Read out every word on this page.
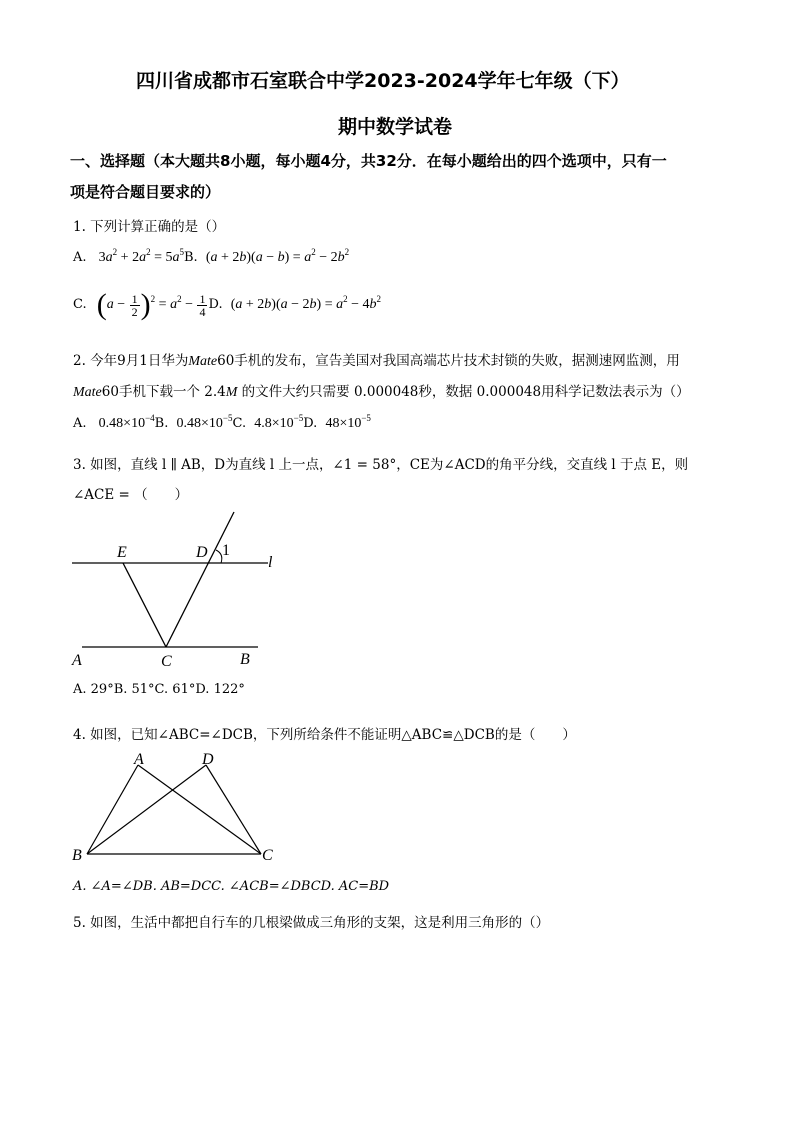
四川省成都市石室联合中学2023-2024学年七年级（下）
期中数学试卷
一、选择题（本大题共8小题，每小题4分，共32分．在每小题给出的四个选项中，只有一
项是符合题目要求的）
1. 下列计算正确的是（）
A. $3a^2 + 2a^2 = 5a^5B$. $(a + 2b)(a - b) = a^2 - 2b^2$
C. $(a - \frac{1}{2} )^2 = a^2 - \frac{1}{4} D$. $(a + 2b)(a - 2b) = a^2 - 4b^2$
2. 今年9月1日华为Mate60手机的发布，宣告美国对我国高端芯片技术封锁的失败，据测速网监测，用
Mate60手机下载一个 2.4M 的文件大约只需要 0.000048秒，数据 0.000048用科学记数法表示为（）
A. $0.48\times 10^{-4}B$. $0.48\times 10^{-5}C$. $4.8\times 10^{-5}D$. $48\times 10^{-5}$
3. 如图，直线 l ∥ AB，D为直线 l 上一点，∠1 = 58°，CE为∠ACD的角平分线，交直线 l 于点 E，则
∠ACE = （　　）
E	D 1
l
A	C	B
A. 29°B. 51°C. 61°D. 122°
4. 如图，已知∠ABC=∠DCB，下列所给条件不能证明△ABC≌△DCB的是（　　）
A	D
B	C
A. ∠A=∠DB. AB=DCC. ∠ACB=∠DBCD. AC=BD
5. 如图，生活中都把自行车的几根梁做成三角形的支架，这是利用三角形的（）
